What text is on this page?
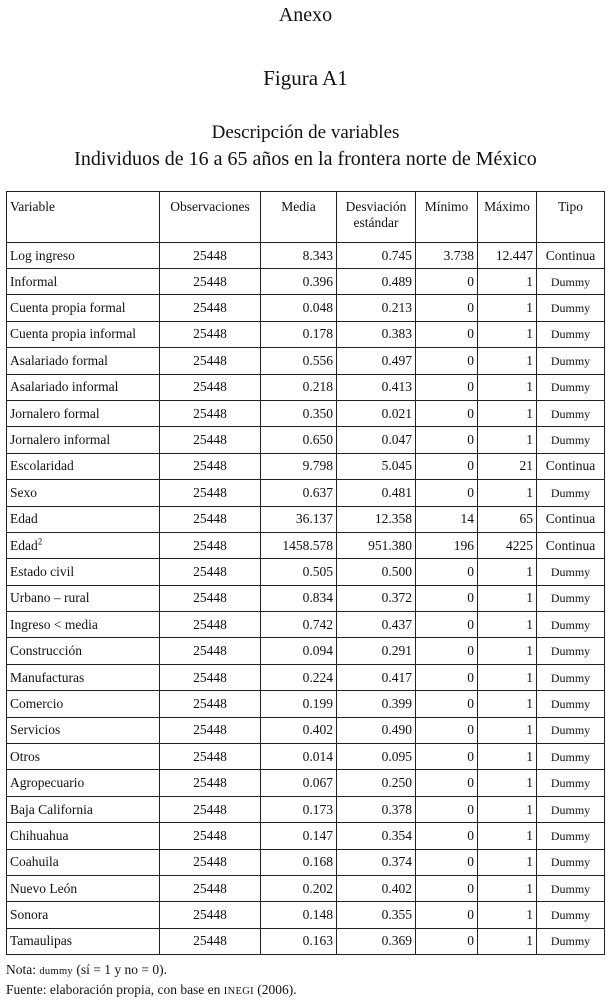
Anexo
Figura A1
Descripción de variables
Individuos de 16 a 65 años en la frontera norte de México
Variable	Observaciones	Media	Desviación estándar	Mínimo	Máximo	Tipo
Log ingreso	25448	8.343	0.745	3.738	12.447	Continua
Informal	25448	0.396	0.489	0	1	Dummy
Cuenta propia formal	25448	0.048	0.213	0	1	Dummy
Cuenta propia informal	25448	0.178	0.383	0	1	Dummy
Asalariado formal	25448	0.556	0.497	0	1	Dummy
Asalariado informal	25448	0.218	0.413	0	1	Dummy
Jornalero formal	25448	0.350	0.021	0	1	Dummy
Jornalero informal	25448	0.650	0.047	0	1	Dummy
Escolaridad	25448	9.798	5.045	0	21	Continua
Sexo	25448	0.637	0.481	0	1	Dummy
Edad	25448	36.137	12.358	14	65	Continua
Edad$^2$	25448	1458.578	951.380	196	4225	Continua
Estado civil	25448	0.505	0.500	0	1	Dummy
Urbano – rural	25448	0.834	0.372	0	1	Dummy
Ingreso < media	25448	0.742	0.437	0	1	Dummy
Construcción	25448	0.094	0.291	0	1	Dummy
Manufacturas	25448	0.224	0.417	0	1	Dummy
Comercio	25448	0.199	0.399	0	1	Dummy
Servicios	25448	0.402	0.490	0	1	Dummy
Otros	25448	0.014	0.095	0	1	Dummy
Agropecuario	25448	0.067	0.250	0	1	Dummy
Baja California	25448	0.173	0.378	0	1	Dummy
Chihuahua	25448	0.147	0.354	0	1	Dummy
Coahuila	25448	0.168	0.374	0	1	Dummy
Nuevo León	25448	0.202	0.402	0	1	Dummy
Sonora	25448	0.148	0.355	0	1	Dummy
Tamaulipas	25448	0.163	0.369	0	1	Dummy
Nota: dummy (sí = 1 y no = 0).
Fuente: elaboración propia, con base en INEGI (2006).
